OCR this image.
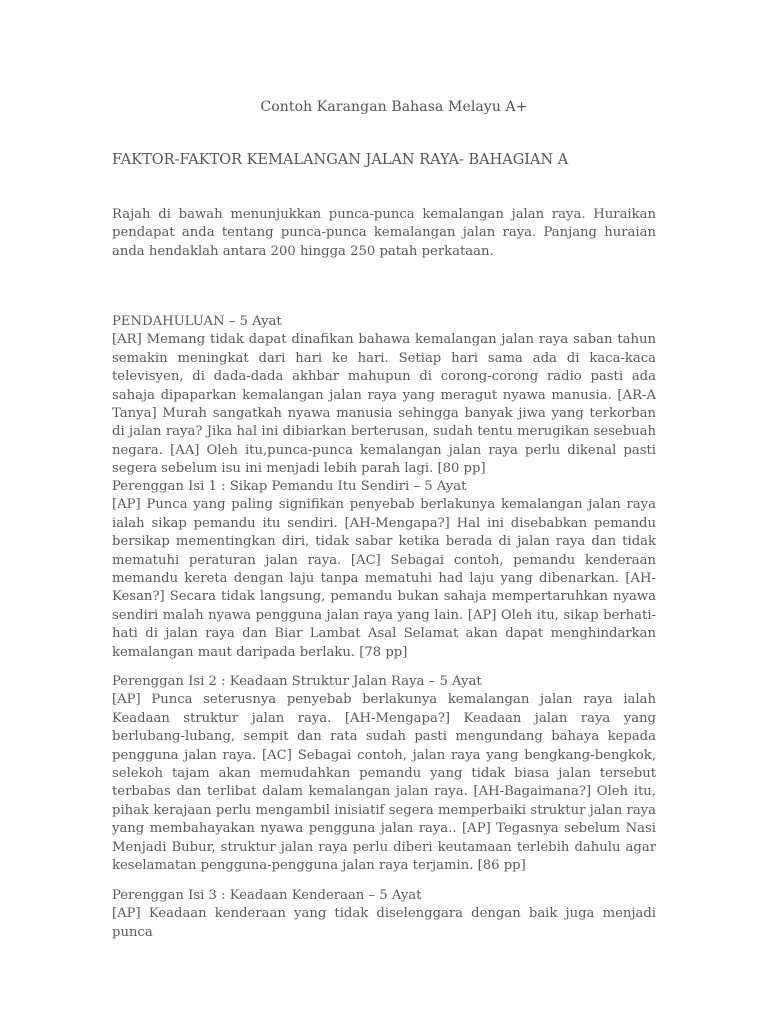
Contoh Karangan Bahasa Melayu A+
FAKTOR-FAKTOR KEMALANGAN JALAN RAYA- BAHAGIAN A

Rajah di bawah menunjukkan punca-punca kemalangan jalan raya. Huraikan pendapat anda tentang punca-punca kemalangan jalan raya. Panjang huraian anda hendaklah antara 200 hingga 250 patah perkataan.

PENDAHULUAN – 5 Ayat

[AR] Memang tidak dapat dinafikan bahawa kemalangan jalan raya saban tahun semakin meningkat dari hari ke hari. Setiap hari sama ada di kaca-kaca televisyen, di dada-dada akhbar mahupun di corong-corong radio pasti ada sahaja dipaparkan kemalangan jalan raya yang meragut nyawa manusia. [AR-A Tanya] Murah sangatkah nyawa manusia sehingga banyak jiwa yang terkorban di jalan raya? Jika hal ini dibiarkan berterusan, sudah tentu merugikan sesebuah negara. [AA] Oleh itu,punca-punca kemalangan jalan raya perlu dikenal pasti segera sebelum isu ini menjadi lebih parah lagi. [80 pp]

Perenggan Isi 1 : Sikap Pemandu Itu Sendiri – 5 Ayat

[AP] Punca yang paling signifikan penyebab berlakunya kemalangan jalan raya ialah sikap pemandu itu sendiri. [AH-Mengapa?] Hal ini disebabkan pemandu bersikap mementingkan diri, tidak sabar ketika berada di jalan raya dan tidak mematuhi peraturan jalan raya. [AC] Sebagai contoh, pemandu kenderaan memandu kereta dengan laju tanpa mematuhi had laju yang dibenarkan. [AH-Kesan?] Secara tidak langsung, pemandu bukan sahaja mempertaruhkan nyawa sendiri malah nyawa pengguna jalan raya yang lain. [AP] Oleh itu, sikap berhati-hati di jalan raya dan Biar Lambat Asal Selamat akan dapat menghindarkan kemalangan maut daripada berlaku. [78 pp]

Perenggan Isi 2 : Keadaan Struktur Jalan Raya – 5 Ayat

[AP] Punca seterusnya penyebab berlakunya kemalangan jalan raya ialah Keadaan struktur jalan raya. [AH-Mengapa?] Keadaan jalan raya yang berlubang-lubang, sempit dan rata sudah pasti mengundang bahaya kepada pengguna jalan raya. [AC] Sebagai contoh, jalan raya yang bengkang-bengkok, selekoh tajam akan memudahkan pemandu yang tidak biasa jalan tersebut terbabas dan terlibat dalam kemalangan jalan raya. [AH-Bagaimana?] Oleh itu, pihak kerajaan perlu mengambil inisiatif segera memperbaiki struktur jalan raya yang membahayakan nyawa pengguna jalan raya.. [AP] Tegasnya sebelum Nasi Menjadi Bubur, struktur jalan raya perlu diberi keutamaan terlebih dahulu agar keselamatan pengguna-pengguna jalan raya terjamin. [86 pp]

Perenggan Isi 3 : Keadaan Kenderaan – 5 Ayat

[AP] Keadaan kenderaan yang tidak diselenggara dengan baik juga menjadi punca
